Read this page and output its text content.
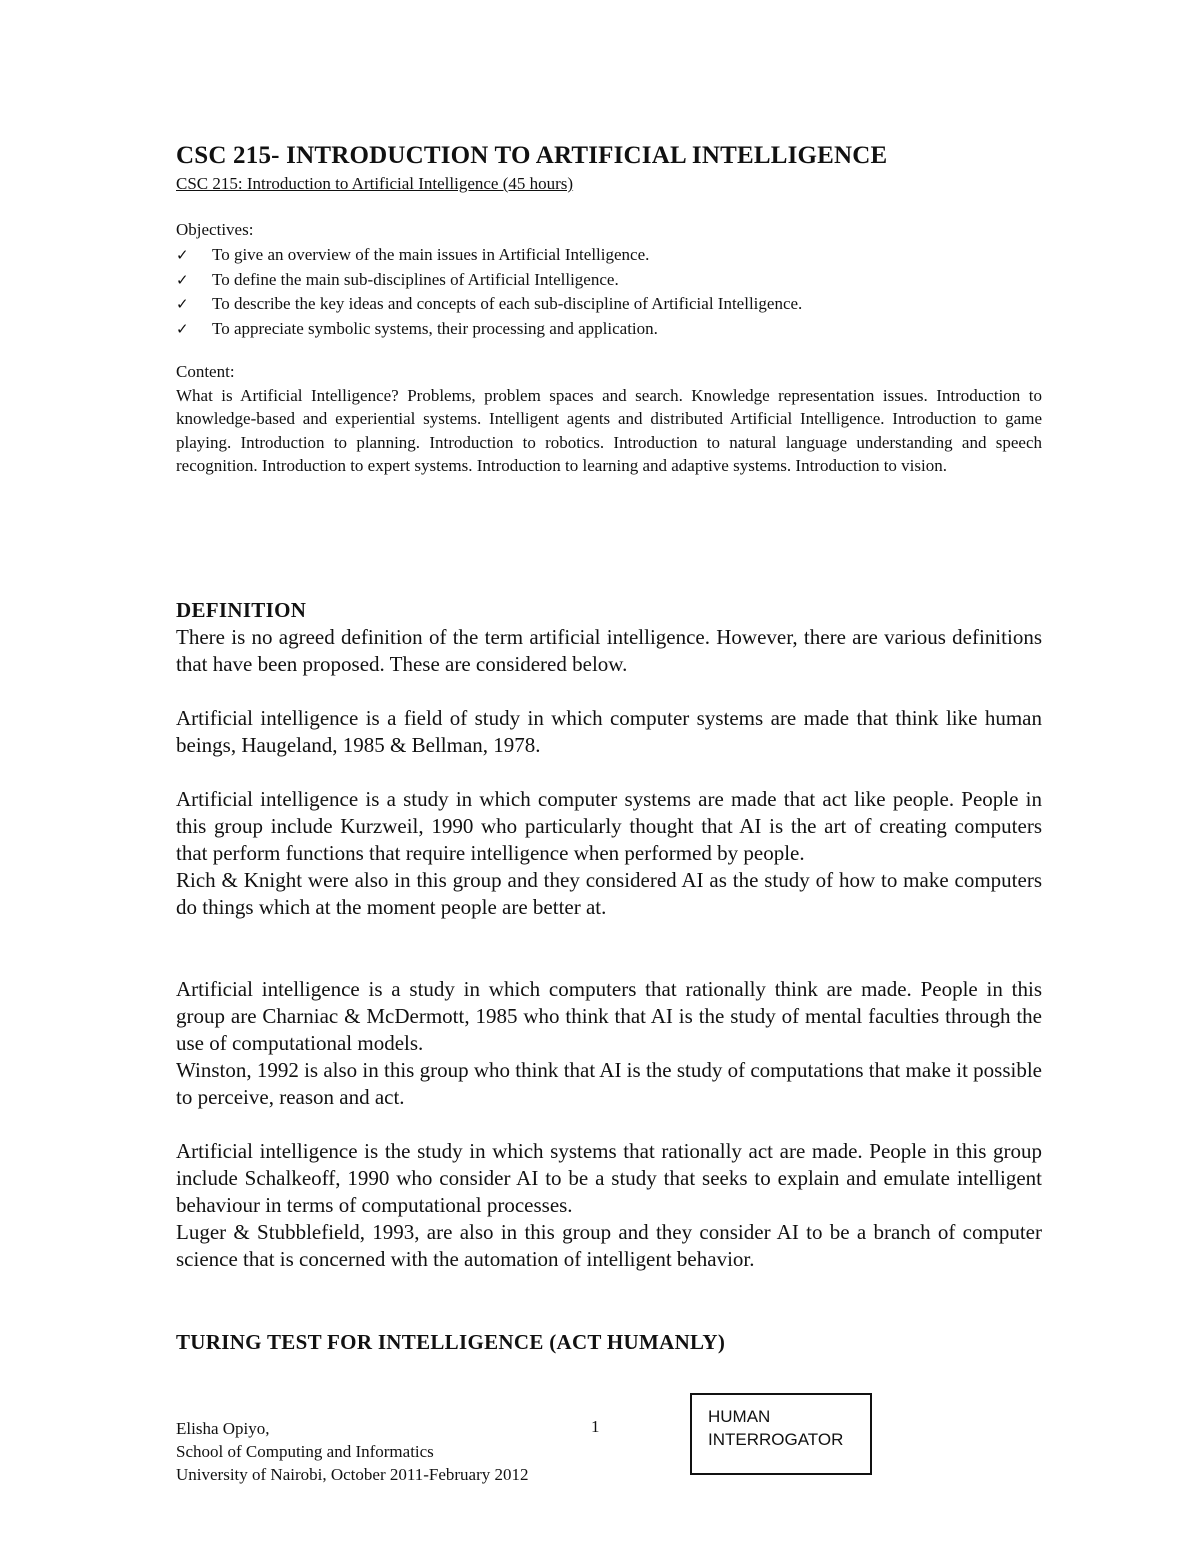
CSC 215- INTRODUCTION TO ARTIFICIAL INTELLIGENCE
CSC 215: Introduction to Artificial Intelligence (45 hours)
Objectives:
✓ To give an overview of the main issues in Artificial Intelligence.
✓ To define the main sub-disciplines of Artificial Intelligence.
✓ To describe the key ideas and concepts of each sub-discipline of Artificial Intelligence.
✓ To appreciate symbolic systems, their processing and application.
Content:

What is Artificial Intelligence? Problems, problem spaces and search. Knowledge representation issues. Introduction to knowledge-based and experiential systems. Intelligent agents and distributed Artificial Intelligence. Introduction to game playing. Introduction to planning. Introduction to robotics. Introduction to natural language understanding and speech recognition. Introduction to expert systems. Introduction to learning and adaptive systems. Introduction to vision.

DEFINITION

There is no agreed definition of the term artificial intelligence. However, there are various definitions that have been proposed. These are considered below.

Artificial intelligence is a field of study in which computer systems are made that think like human beings, Haugeland, 1985 & Bellman, 1978.

Artificial intelligence is a study in which computer systems are made that act like people. People in this group include Kurzweil, 1990 who particularly thought that AI is the art of creating computers that perform functions that require intelligence when performed by people.

Rich & Knight were also in this group and they considered AI as the study of how to make computers do things which at the moment people are better at.

Artificial intelligence is a study in which computers that rationally think are made. People in this group are Charniac & McDermott, 1985 who think that AI is the study of mental faculties through the use of computational models.

Winston, 1992 is also in this group who think that AI is the study of computations that make it possible to perceive, reason and act.

Artificial intelligence is the study in which systems that rationally act are made. People in this group include Schalkeoff, 1990 who consider AI to be a study that seeks to explain and emulate intelligent behaviour in terms of computational processes.

Luger & Stubblefield, 1993, are also in this group and they consider AI to be a branch of computer science that is concerned with the automation of intelligent behavior.

TURING TEST FOR INTELLIGENCE (ACT HUMANLY)
Elisha Opiyo,
School of Computing and Informatics
University of Nairobi, October 2011-February 2012
1
HUMAN
INTERROGATOR
